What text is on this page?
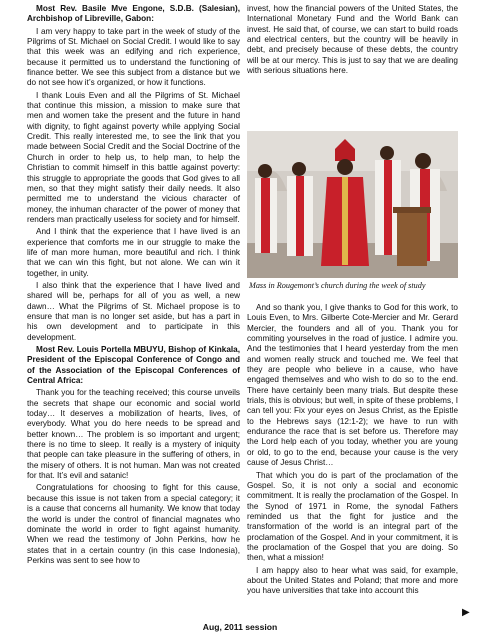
Most Rev. Basile Mve Engone, S.D.B. (Salesian), Archbishop of Libreville, Gabon:

I am very happy to take part in the week of study of the Pilgrims of St. Michael on Social Credit. I would like to say that this week was an edifying and rich experience, because it permitted us to understand the functioning of finance better. We see this subject from a distance but we do not see how it’s organized, or how it functions.

I thank Louis Even and all the Pilgrims of St. Michael that continue this mission, a mission to make sure that men and women take the present and the future in hand with dignity, to fight against poverty while applying Social Credit. This really interested me, to see the link that you made between Social Credit and the Social Doctrine of the Church in order to help us, to help man, to help the Christian to commit himself in this battle against poverty: this struggle to appropriate the goods that God gives to all men, so that they might satisfy their daily needs. It also permitted me to understand the vicious character of money, the inhuman character of the power of money that renders man practically useless for society and for himself.

And I think that the experience that I have lived is an experience that comforts me in our struggle to make the life of man more human, more beautiful and rich. I think that we can win this fight, but not alone. We can win it together, in unity.

I also think that the experience that I have lived and shared will be, perhaps for all of you as well, a new dawn… What the Pilgrims of St. Michael propose is to ensure that man is no longer set aside, but has a part in his own development and to participate in this development.

Most Rev. Louis Portella MBUYU, Bishop of Kinkala, President of the Episcopal Conference of Congo and of the Association of the Episcopal Conferences of Central Africa:

Thank you for the teaching received; this course unveils the secrets that shape our economic and social world today… It deserves a mobilization of hearts, lives, of everybody. What you do here needs to be spread and better known… The problem is so important and urgent; there is no time to sleep. It really is a mystery of iniquity that people can take pleasure in the suffering of others, in the misery of others. It is not human. Man was not created for that. It’s evil and satanic!

Congratulations for choosing to fight for this cause, because this issue is not taken from a special category; it is a cause that concerns all humanity. We know that today the world is under the control of financial magnates who dominate the world in order to fight against humanity. When we read the testimony of John Perkins, how he states that in a certain country (in this case Indonesia), Perkins was sent to see how to

invest, how the financial powers of the United States, the International Monetary Fund and the World Bank can invest. He said that, of course, we can start to build roads and electrical centers, but the country will be heavily in debt, and precisely because of these debts, the country will be at our mercy. This is just to say that we are dealing with serious situations here.

Mass in Rougemont’s church during the week of study

And so thank you, I give thanks to God for this work, to Louis Even, to Mrs. Gilberte Cote-Mercier and Mr. Gerard Mercier, the founders and all of you. Thank you for commiting yourselves in the road of justice. I admire you. And the testimonies that I heard yesterday from the men and women really struck and touched me. We feel that they are people who believe in a cause, who have engaged themselves and who wish to do so to the end. There have certainly been many trials. But despite these trials, this is obvious; but well, in spite of these problems, I can tell you: Fix your eyes on Jesus Christ, as the Epistle to the Hebrews says (12:1-2); we have to run with endurance the race that is set before us. Therefore may the Lord help each of you today, whether you are young or old, to go to the end, because your cause is the very cause of Jesus Christ…

That which you do is part of the proclamation of the Gospel. So, it is not only a social and economic commitment. It is really the proclamation of the Gospel. In the Synod of 1971 in Rome, the synodal Fathers reminded us that the fight for justice and the transformation of the world is an integral part of the proclamation of the Gospel. And in your commitment, it is the proclamation of the Gospel that you are doing. So then, what a mission!

I am happy also to hear what was said, for example, about the United States and Poland; that more and more you have universities that take into account this

▶
Aug, 2011 session
